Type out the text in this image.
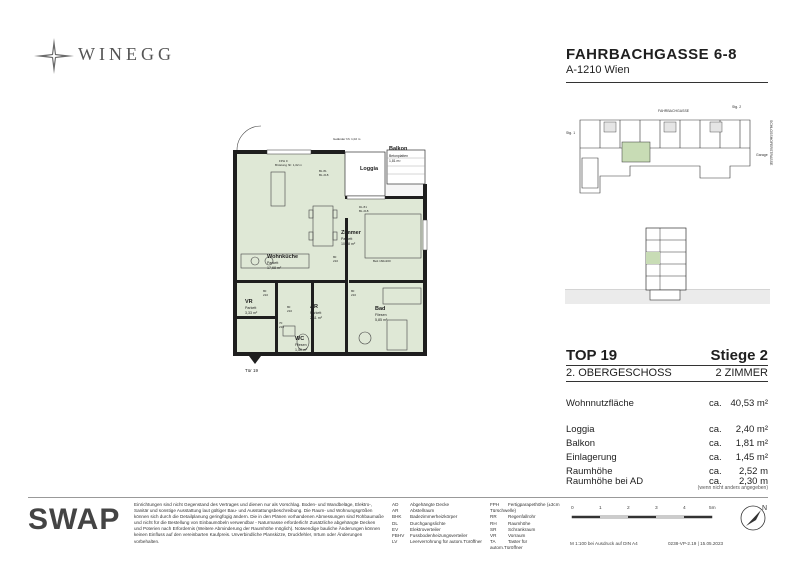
WINEGG	FAHRBACHGASSE 6-8
A-1210 Wien
FAHRBACHGASSE
SCHLOSSHOFERSTRASSE
Stg. 1
Stg. 2
Garage
Wohnküche
Parkett
17,68 m²
Zimmer
Parkett
10,48 m²
Loggia
Balkon
Betonplatten
1,81 m²
VR
Parkett
3,33 m²
AR
Parkett
2,11 m²
Bad
Fliesen
5,85 m²
WC
Fliesen
1,50 m²
Geländer hh: 1,02 m
FPH 0
Brüstung hh: 1,02 m
BL 81
BL 218
DL 81
BL 218
80
210
80
210
80
210
70
210
80
210
Bett 160x200
Tür 19
TOP 19	Stiege 2
2. OBERGESCHOSS	2 ZIMMER
Wohnnutzfläche	ca. 40,53 m²
Loggia	ca. 2,40 m²
Balkon	ca. 1,81 m²
Einlagerung	ca. 1,45 m²
Raumhöhe	ca. 2,52 m
Raumhöhe bei AD	ca. 2,30 m
(wenn nicht anders angegeben)
SWAP	Einrichtungen sind nicht Gegenstand des Vertrages und dienen nur als Vorschlag. Boden- und Wandbeläge, Elektro-, Sanitär und sonstige Ausstattung laut gültiger Bau- und Ausstattungsbeschreibung. Die Raum- und Wohnungsgrößen können sich durch die Detailplanung geringfügig ändern. Die in den Plänen vorhandenen Abmessungen sind Rohbaumaße und nicht für die Bestellung von Einbaumöbeln verwendbar - Naturmasse erforderlich! Zusätzliche abgehängte Decken und Poterien nach Erfordernis (Weitere Abminderung der Raumhöhe möglich). Notwendige bauliche Änderungen können keinen Einfluss auf den vereinbarten Kaufpreis. Unverbindliche Planskizze, Druckfehler, Irrtum oder Änderungen vorbehalten.
AD	Abgehängte Decke
AR	Abstellraum
BHK Badezimmerheizkörper
DL	Durchgangslichte
EV	Elektroverteiler
FBHV Fussbodenheizungsverteiler
LV	Leerverrohrung für autom.Türöffner
FPH Fertigparapethöhe (±3cm Türschwelle)
RR Regenfallrohr
RH Raumhöhe
SR	Schrankraum
VR	Vorraum
TA	Taster für autom.Türöffner
0	1	2	3	4	5m
M 1:100 bei Ausdruck auf DIN A4	0238-VP-2.19 | 15.05.2023
N
